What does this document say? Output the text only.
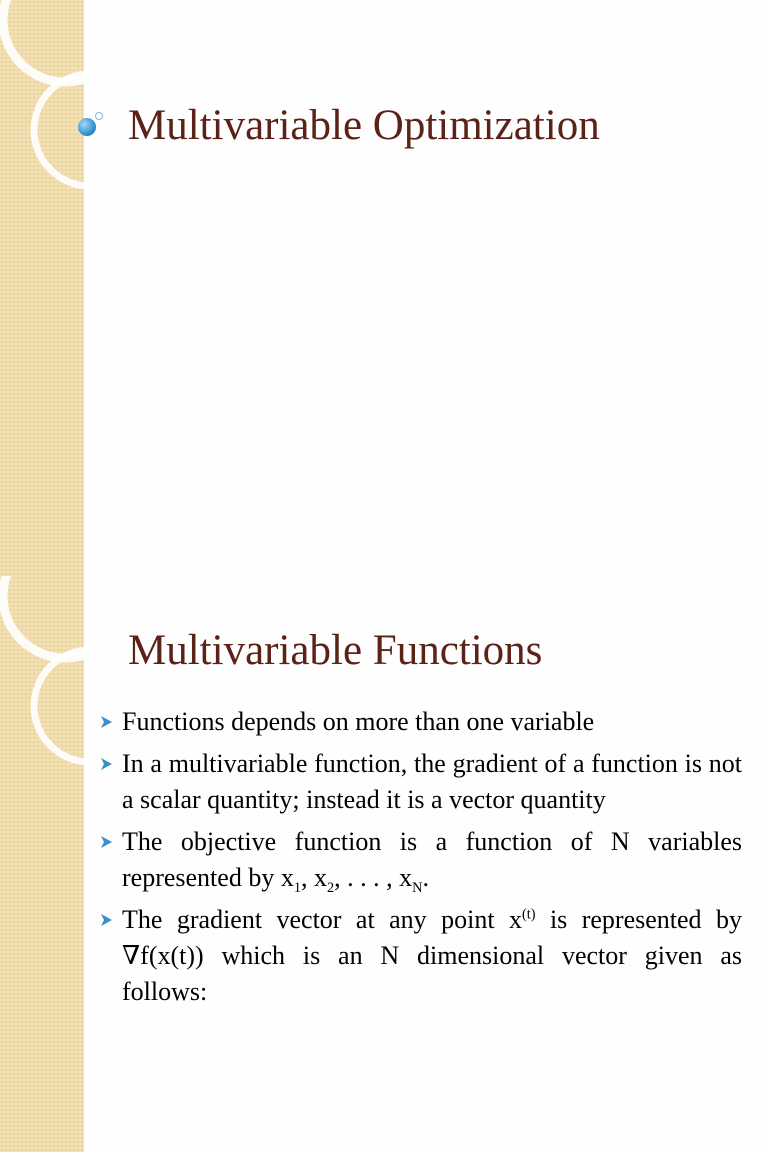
Multivariable Optimization
Multivariable Functions
Functions depends on more than one variable
In a multivariable function, the gradient of a function is not a scalar quantity; instead it is a vector quantity
The objective function is a function of N variables represented by $x_1$, $x_2$, . . . , $x_N$.
The gradient vector at any point $x^{(t)}$ is represented by ∇f(x(t)) which is an N dimensional vector given as follows:
